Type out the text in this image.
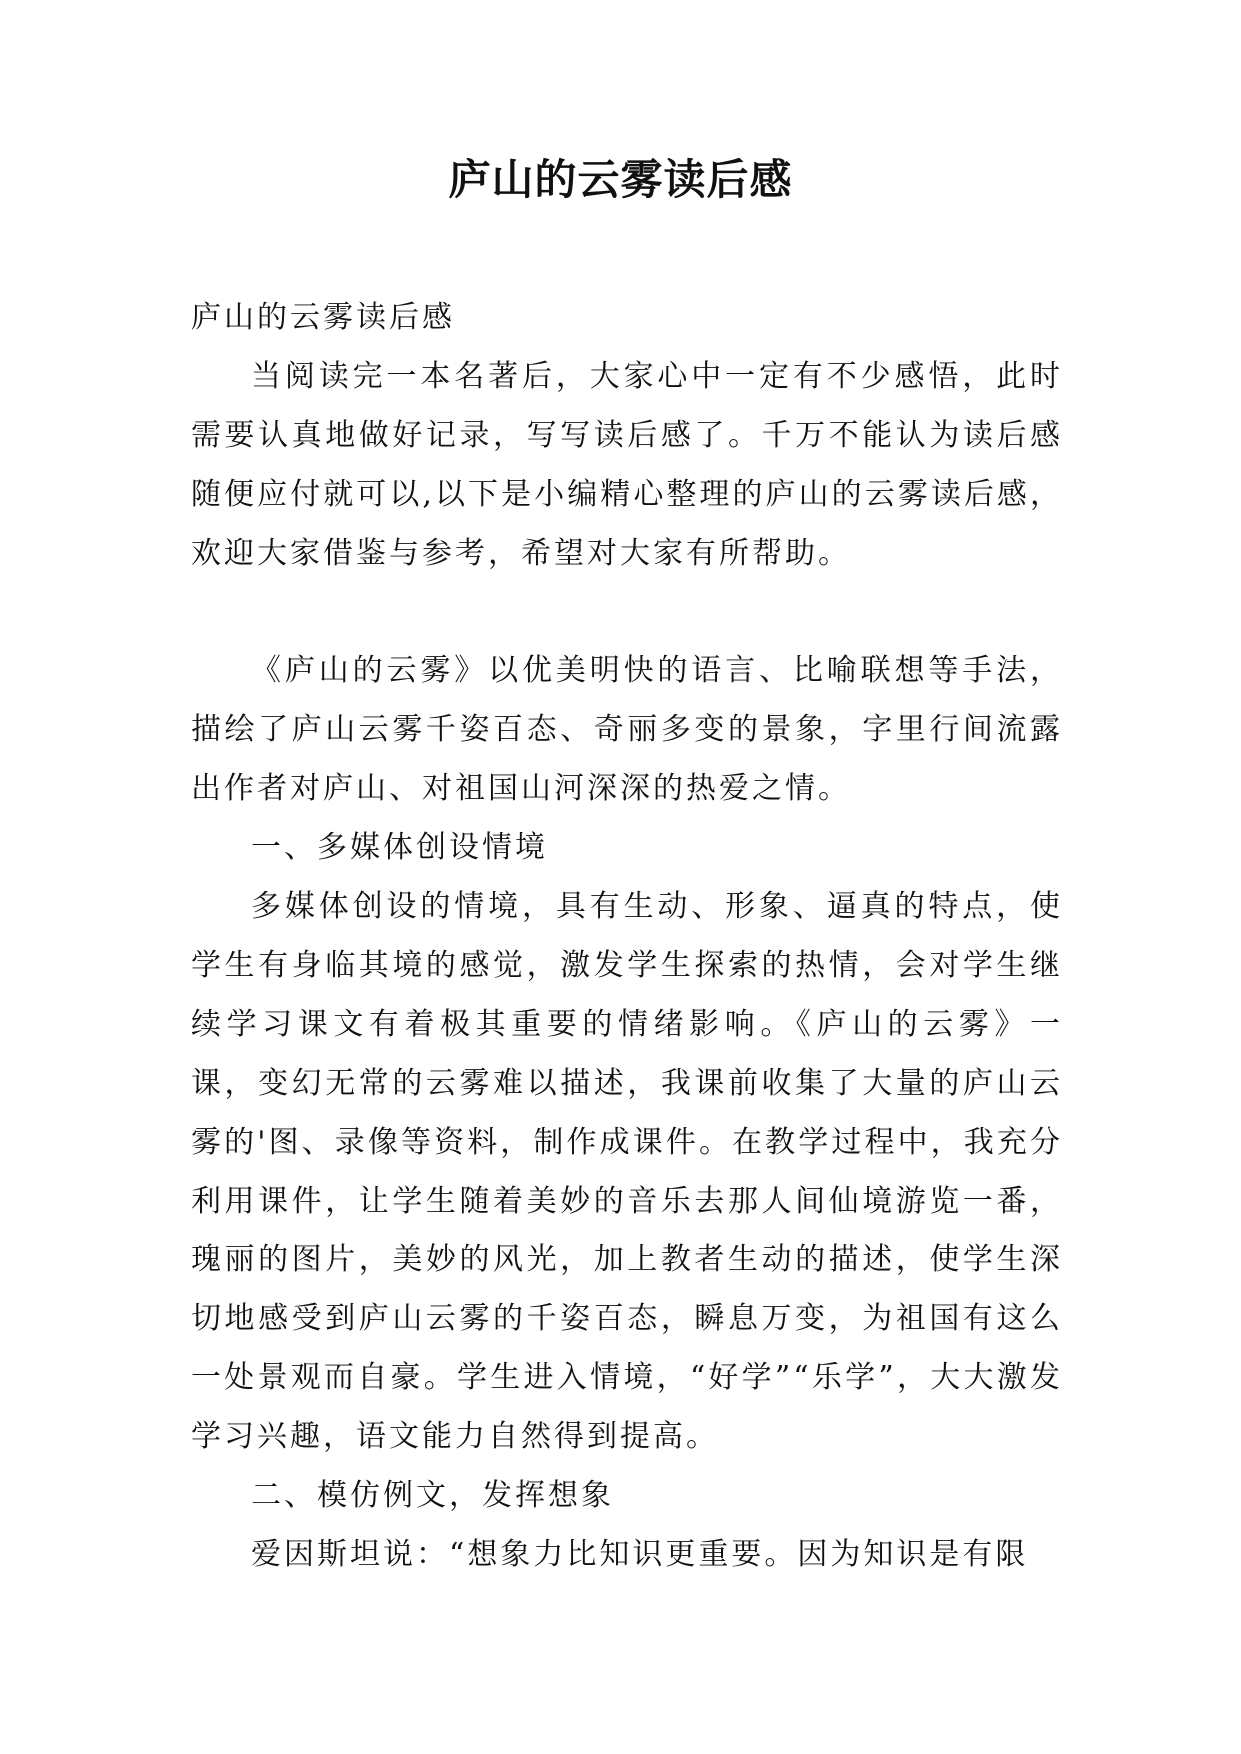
庐山的云雾读后感

庐山的云雾读后感

当阅读完一本名著后，大家心中一定有不少感悟，此时需要认真地做好记录，写写读后感了。千万不能认为读后感随便应付就可以,以下是小编精心整理的庐山的云雾读后感，欢迎大家借鉴与参考，希望对大家有所帮助。

《庐山的云雾》以优美明快的语言、比喻联想等手法，描绘了庐山云雾千姿百态、奇丽多变的景象，字里行间流露出作者对庐山、对祖国山河深深的热爱之情。

一、多媒体创设情境

多媒体创设的情境，具有生动、形象、逼真的特点，使学生有身临其境的感觉，激发学生探索的热情，会对学生继续学习课文有着极其重要的情绪影响。《庐山的云雾》一课，变幻无常的云雾难以描述，我课前收集了大量的庐山云雾的'图、录像等资料，制作成课件。在教学过程中，我充分利用课件，让学生随着美妙的音乐去那人间仙境游览一番，瑰丽的图片，美妙的风光，加上教者生动的描述，使学生深切地感受到庐山云雾的千姿百态，瞬息万变，为祖国有这么一处景观而自豪。学生进入情境，“好学”“乐学”，大大激发学习兴趣，语文能力自然得到提高。

二、模仿例文，发挥想象

爱因斯坦说：“想象力比知识更重要。因为知识是有限
